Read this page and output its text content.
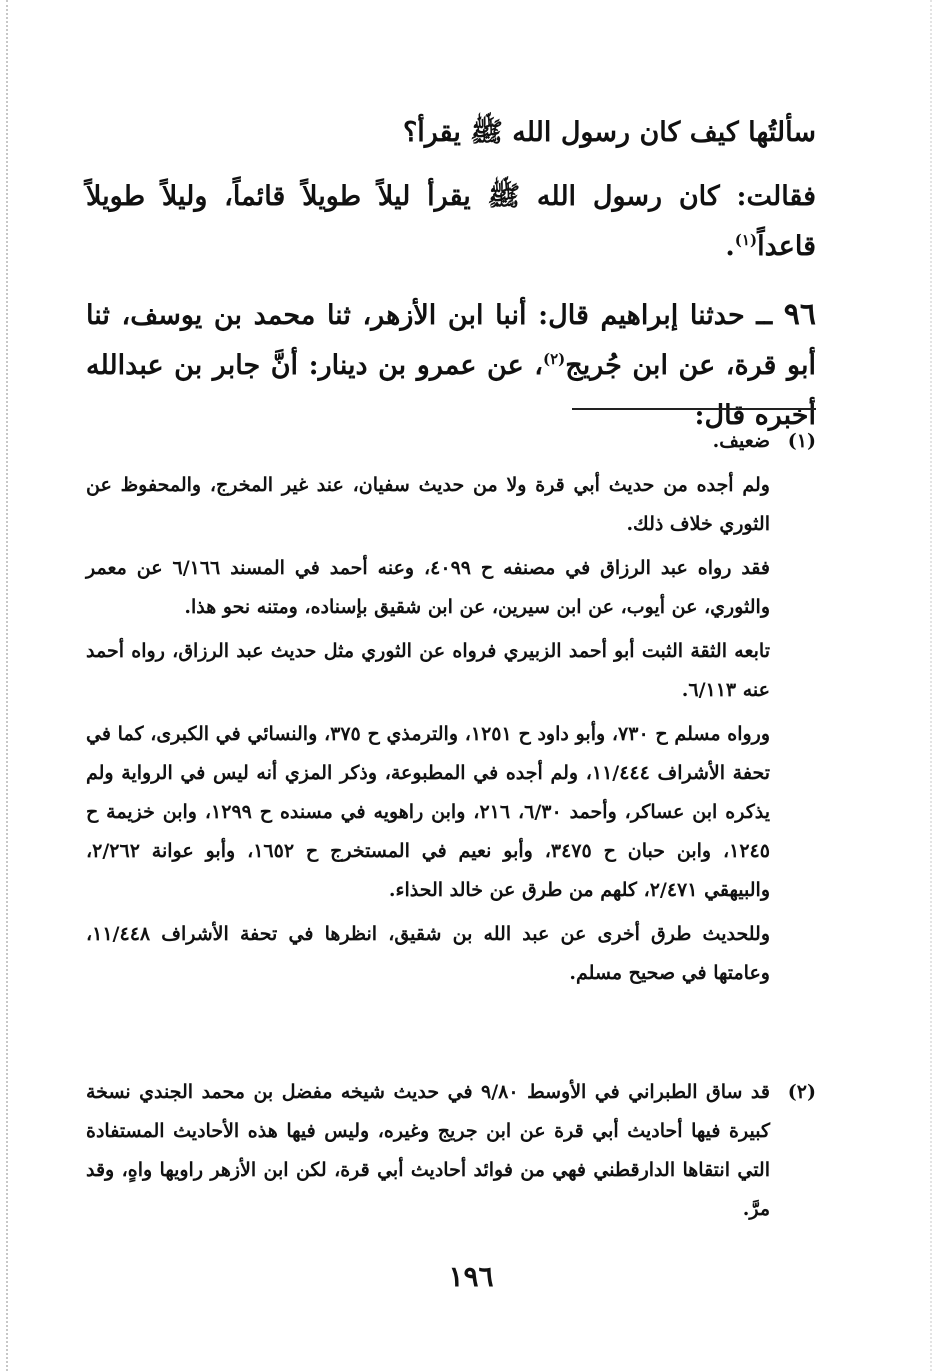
سألتُها كيف كان رسول الله ﷺ يقرأ؟

فقالت: كان رسول الله ﷺ يقرأ ليلاً طويلاً قائماً، وليلاً طويلاً قاعداً$^{(١)}$.

٩٦ ــ حدثنا إبراهيم قال: أنبا ابن الأزهر، ثنا محمد بن يوسف، ثنا أبو قرة، عن ابن جُريج$^{(٢)}$، عن عمرو بن دينار: أنَّ جابر بن عبدالله أخبره قال:

(١)

ضعيف.

ولم أجده من حديث أبي قرة ولا من حديث سفيان، عند غير المخرج، والمحفوظ عن الثوري خلاف ذلك.

فقد رواه عبد الرزاق في مصنفه ح ٤٠٩٩، وعنه أحمد في المسند ٦/١٦٦ عن معمر والثوري، عن أيوب، عن ابن سيرين، عن ابن شقيق بإسناده، ومتنه نحو هذا.

تابعه الثقة الثبت أبو أحمد الزبيري فرواه عن الثوري مثل حديث عبد الرزاق، رواه أحمد عنه ٦/١١٣.

ورواه مسلم ح ٧٣٠، وأبو داود ح ١٢٥١، والترمذي ح ٣٧٥، والنسائي في الكبرى، كما في تحفة الأشراف ١١/٤٤٤، ولم أجده في المطبوعة، وذكر المزي أنه ليس في الرواية ولم يذكره ابن عساكر، وأحمد ٦/٣٠، ٢١٦، وابن راهويه في مسنده ح ١٢٩٩، وابن خزيمة ح ١٢٤٥، وابن حبان ح ٣٤٧٥، وأبو نعيم في المستخرج ح ١٦٥٢، وأبو عوانة ٢/٢٦٢، والبيهقي ٢/٤٧١، كلهم من طرق عن خالد الحذاء.

وللحديث طرق أخرى عن عبد الله بن شقيق، انظرها في تحفة الأشراف ١١/٤٤٨، وعامتها في صحيح مسلم.

(٢)

قد ساق الطبراني في الأوسط ٩/٨٠ في حديث شيخه مفضل بن محمد الجندي نسخة كبيرة فيها أحاديث أبي قرة عن ابن جريج وغيره، وليس فيها هذه الأحاديث المستفادة التي انتقاها الدارقطني فهي من فوائد أحاديث أبي قرة، لكن ابن الأزهر راويها واهٍ، وقد مرَّ.

١٩٦
